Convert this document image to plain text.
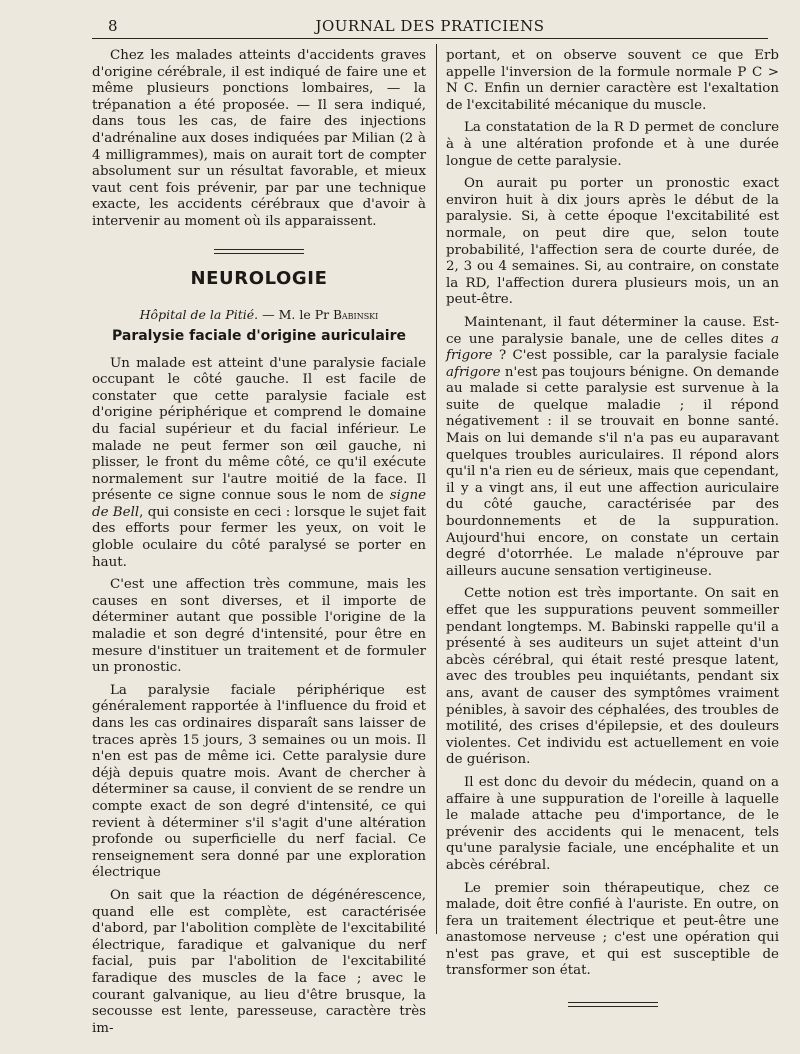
8	JOURNAL DES PRATICIENS

Chez les malades atteints d'accidents graves d'origine cérébrale, il est indiqué de faire une et même plusieurs ponctions lombaires, — la trépanation a été proposée. — Il sera indiqué, dans tous les cas, de faire des injections d'adrénaline aux doses indiquées par Milian (2 à 4 milligrammes), mais on aurait tort de compter absolument sur un résultat favorable, et mieux vaut cent fois prévenir, par par une technique exacte, les accidents cérébraux que d'avoir à intervenir au moment où ils apparaissent.

NEUROLOGIE
Hôpital de la Pitié. — M. le Pr Babinski
Paralysie faciale d'origine auriculaire

Un malade est atteint d'une paralysie faciale occupant le côté gauche. Il est facile de constater que cette paralysie faciale est d'origine périphérique et comprend le domaine du facial supérieur et du facial inférieur. Le malade ne peut fermer son œil gauche, ni plisser, le front du même côté, ce qu'il exécute normalement sur l'autre moitié de la face. Il présente ce signe connue sous le nom de signe de Bell, qui consiste en ceci : lorsque le sujet fait des efforts pour fermer les yeux, on voit le globle oculaire du côté paralysé se porter en haut.

C'est une affection très commune, mais les causes en sont diverses, et il importe de déterminer autant que possible l'origine de la maladie et son degré d'intensité, pour être en mesure d'instituer un traitement et de formuler un pronostic.

La paralysie faciale périphérique est généralement rapportée à l'influence du froid et dans les cas ordinaires disparaît sans laisser de traces après 15 jours, 3 semaines ou un mois. Il n'en est pas de même ici. Cette paralysie dure déjà depuis quatre mois. Avant de chercher à déterminer sa cause, il convient de se rendre un compte exact de son degré d'intensité, ce qui revient à déterminer s'il s'agit d'une altération profonde ou superficielle du nerf facial. Ce renseignement sera donné par une exploration électrique

On sait que la réaction de dégénérescence, quand elle est complète, est caractérisée d'abord, par l'abolition complète de l'excitabilité électrique, faradique et galvanique du nerf facial, puis par l'abolition de l'excitabilité faradique des muscles de la face ; avec le courant galvanique, au lieu d'être brusque, la secousse est lente, paresseuse, caractère très im-

portant, et on observe souvent ce que Erb appelle l'inversion de la formule normale P C > N C. Enfin un dernier caractère est l'exaltation de l'excitabilité mécanique du muscle.

La constatation de la R D permet de conclure à à une altération profonde et à une durée longue de cette paralysie.

On aurait pu porter un pronostic exact environ huit à dix jours après le début de la paralysie. Si, à cette époque l'excitabilité est normale, on peut dire que, selon toute probabilité, l'affection sera de courte durée, de 2, 3 ou 4 semaines. Si, au contraire, on constate la RD, l'affection durera plusieurs mois, un an peut-être.

Maintenant, il faut déterminer la cause. Est-ce une paralysie banale, une de celles dites a frigore ? C'est possible, car la paralysie faciale afrigore n'est pas toujours bénigne. On demande au malade si cette paralysie est survenue à la suite de quelque maladie ; il répond négativement : il se trouvait en bonne santé. Mais on lui demande s'il n'a pas eu auparavant quelques troubles auriculaires. Il répond alors qu'il n'a rien eu de sérieux, mais que cependant, il y a vingt ans, il eut une affection auriculaire du côté gauche, caractérisée par des bourdonnements et de la suppuration. Aujourd'hui encore, on constate un certain degré d'otorrhée. Le malade n'éprouve par ailleurs aucune sensation vertigineuse.

Cette notion est très importante. On sait en effet que les suppurations peuvent sommeiller pendant longtemps. M. Babinski rappelle qu'il a présenté à ses auditeurs un sujet atteint d'un abcès cérébral, qui était resté presque latent, avec des troubles peu inquiétants, pendant six ans, avant de causer des symptômes vraiment pénibles, à savoir des céphalées, des troubles de motilité, des crises d'épilepsie, et des douleurs violentes. Cet individu est actuellement en voie de guérison.

Il est donc du devoir du médecin, quand on a affaire à une suppuration de l'oreille à laquelle le malade attache peu d'importance, de le prévenir des accidents qui le menacent, tels qu'une paralysie faciale, une encéphalite et un abcès cérébral.

Le premier soin thérapeutique, chez ce malade, doit être confié à l'auriste. En outre, on fera un traitement électrique et peut-être une anastomose nerveuse ; c'est une opération qui n'est pas grave, et qui est susceptible de transformer son état.
